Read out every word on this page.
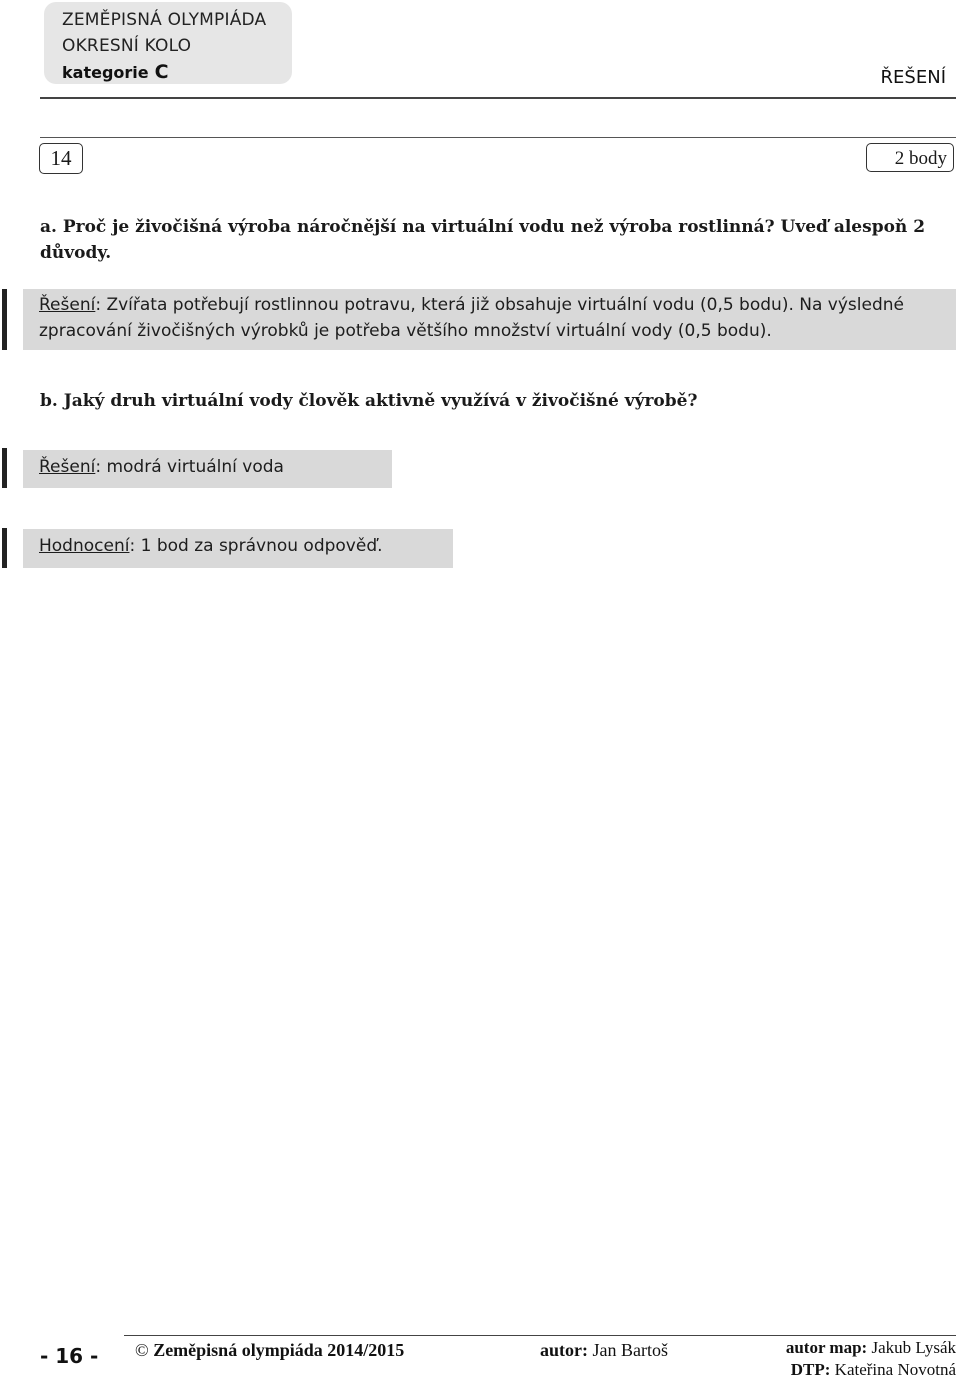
ZEMĚPISNÁ OLYMPIÁDA
OKRESNÍ KOLO
kategorie C	ŘEŠENÍ
14	2 body
a. Proč je živočišná výroba náročnější na virtuální vodu než výroba rostlinná? Uveď alespoň 2 důvody.
Řešení: Zvířata potřebují rostlinnou potravu, která již obsahuje virtuální vodu (0,5 bodu). Na výsledné zpracování živočišných výrobků je potřeba většího množství virtuální vody (0,5 bodu).
b. Jaký druh virtuální vody člověk aktivně využívá v živočišné výrobě?
Řešení: modrá virtuální voda
Hodnocení: 1 bod za správnou odpověď.
- 16 - © Zeměpisná olympiáda 2014/2015	autor: Jan Bartoš	autor map: Jakub Lysák
DTP: Kateřina Novotná
